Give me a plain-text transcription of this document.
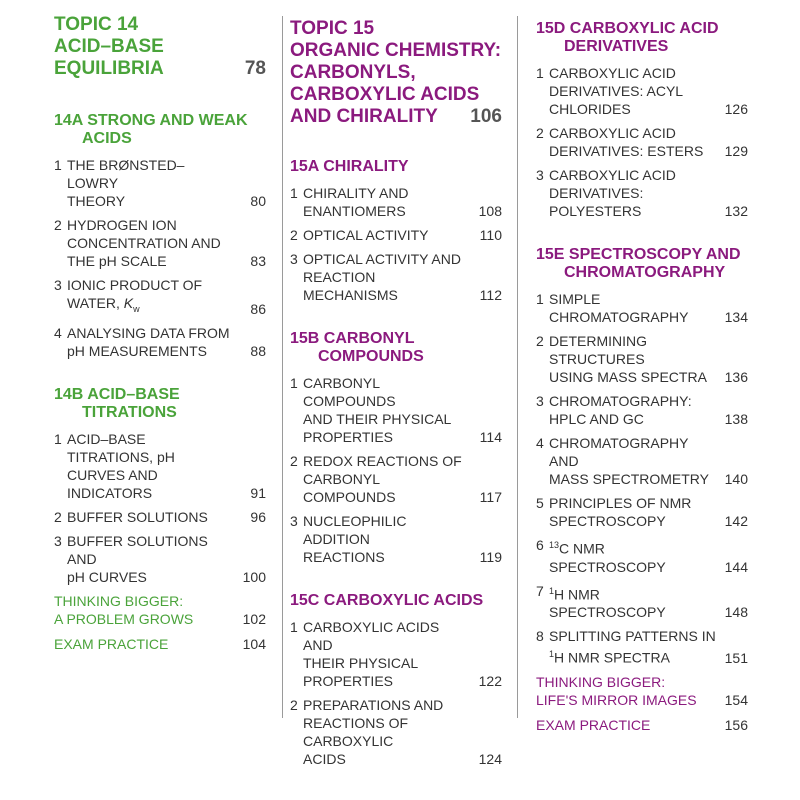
TOPIC 14
ACID–BASE
EQUILIBRIA	78
14A STRONG AND WEAK
ACIDS
1 THE BRØNSTED–LOWRY
THEORY	80
2 HYDROGEN ION
CONCENTRATION AND
THE pH SCALE	83
3 IONIC PRODUCT OF
WATER, $K_w$	86
4 ANALYSING DATA FROM
pH MEASUREMENTS	88
14B ACID–BASE
TITRATIONS
1 ACID–BASE TITRATIONS, pH
CURVES AND INDICATORS	91
2 BUFFER SOLUTIONS	96
3 BUFFER SOLUTIONS AND
pH CURVES	100
THINKING BIGGER:
A PROBLEM GROWS	102
EXAM PRACTICE	104
TOPIC 15
ORGANIC CHEMISTRY:
CARBONYLS,
CARBOXYLIC ACIDS
AND CHIRALITY	106
15A CHIRALITY
1 CHIRALITY AND
ENANTIOMERS	108
2 OPTICAL ACTIVITY	110
3 OPTICAL ACTIVITY AND
REACTION MECHANISMS	112
15B CARBONYL
COMPOUNDS
1 CARBONYL COMPOUNDS
AND THEIR PHYSICAL
PROPERTIES	114
2 REDOX REACTIONS OF
CARBONYL COMPOUNDS	117
3 NUCLEOPHILIC ADDITION
REACTIONS	119
15C CARBOXYLIC ACIDS
1 CARBOXYLIC ACIDS AND
THEIR PHYSICAL
PROPERTIES	122
2 PREPARATIONS AND
REACTIONS OF CARBOXYLIC
ACIDS	124
15D CARBOXYLIC ACID
DERIVATIVES
1 CARBOXYLIC ACID
DERIVATIVES: ACYL
CHLORIDES	126
2 CARBOXYLIC ACID
DERIVATIVES: ESTERS	129
3 CARBOXYLIC ACID
DERIVATIVES:
POLYESTERS	132
15E SPECTROSCOPY AND
CHROMATOGRAPHY
1 SIMPLE
CHROMATOGRAPHY	134
2 DETERMINING STRUCTURES
USING MASS SPECTRA	136
3 CHROMATOGRAPHY:
HPLC AND GC	138
4 CHROMATOGRAPHY AND
MASS SPECTROMETRY	140
5 PRINCIPLES OF NMR
SPECTROSCOPY	142
6 $^{13}$C NMR SPECTROSCOPY	144
7 $^1$H NMR SPECTROSCOPY	148
8 SPLITTING PATTERNS IN
$^1$H NMR SPECTRA	151
THINKING BIGGER:
LIFE'S MIRROR IMAGES	154
EXAM PRACTICE	156
